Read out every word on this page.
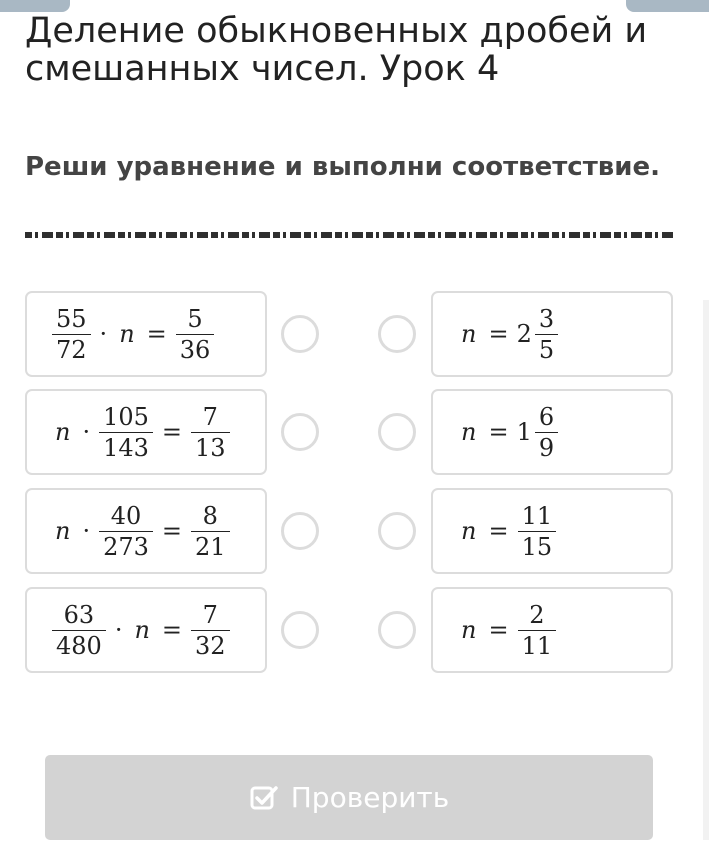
Деление обыкновенных дробей и смешанных чисел. Урок 4

Реши уравнение и выполни соответствие.

$\frac{55}{72} \cdot n = \frac{5}{36}$	$n = 2 \frac{3}{5}$
$n \cdot \frac{105}{143} = \frac{7}{13}$	$n = 1 \frac{6}{9}$
$n \cdot \frac{40}{273} = \frac{8}{21}$	$n = \frac{11}{15}$
$\frac{63}{480} \cdot n = \frac{7}{32}$	$n = \frac{2}{11}$
Проверить
